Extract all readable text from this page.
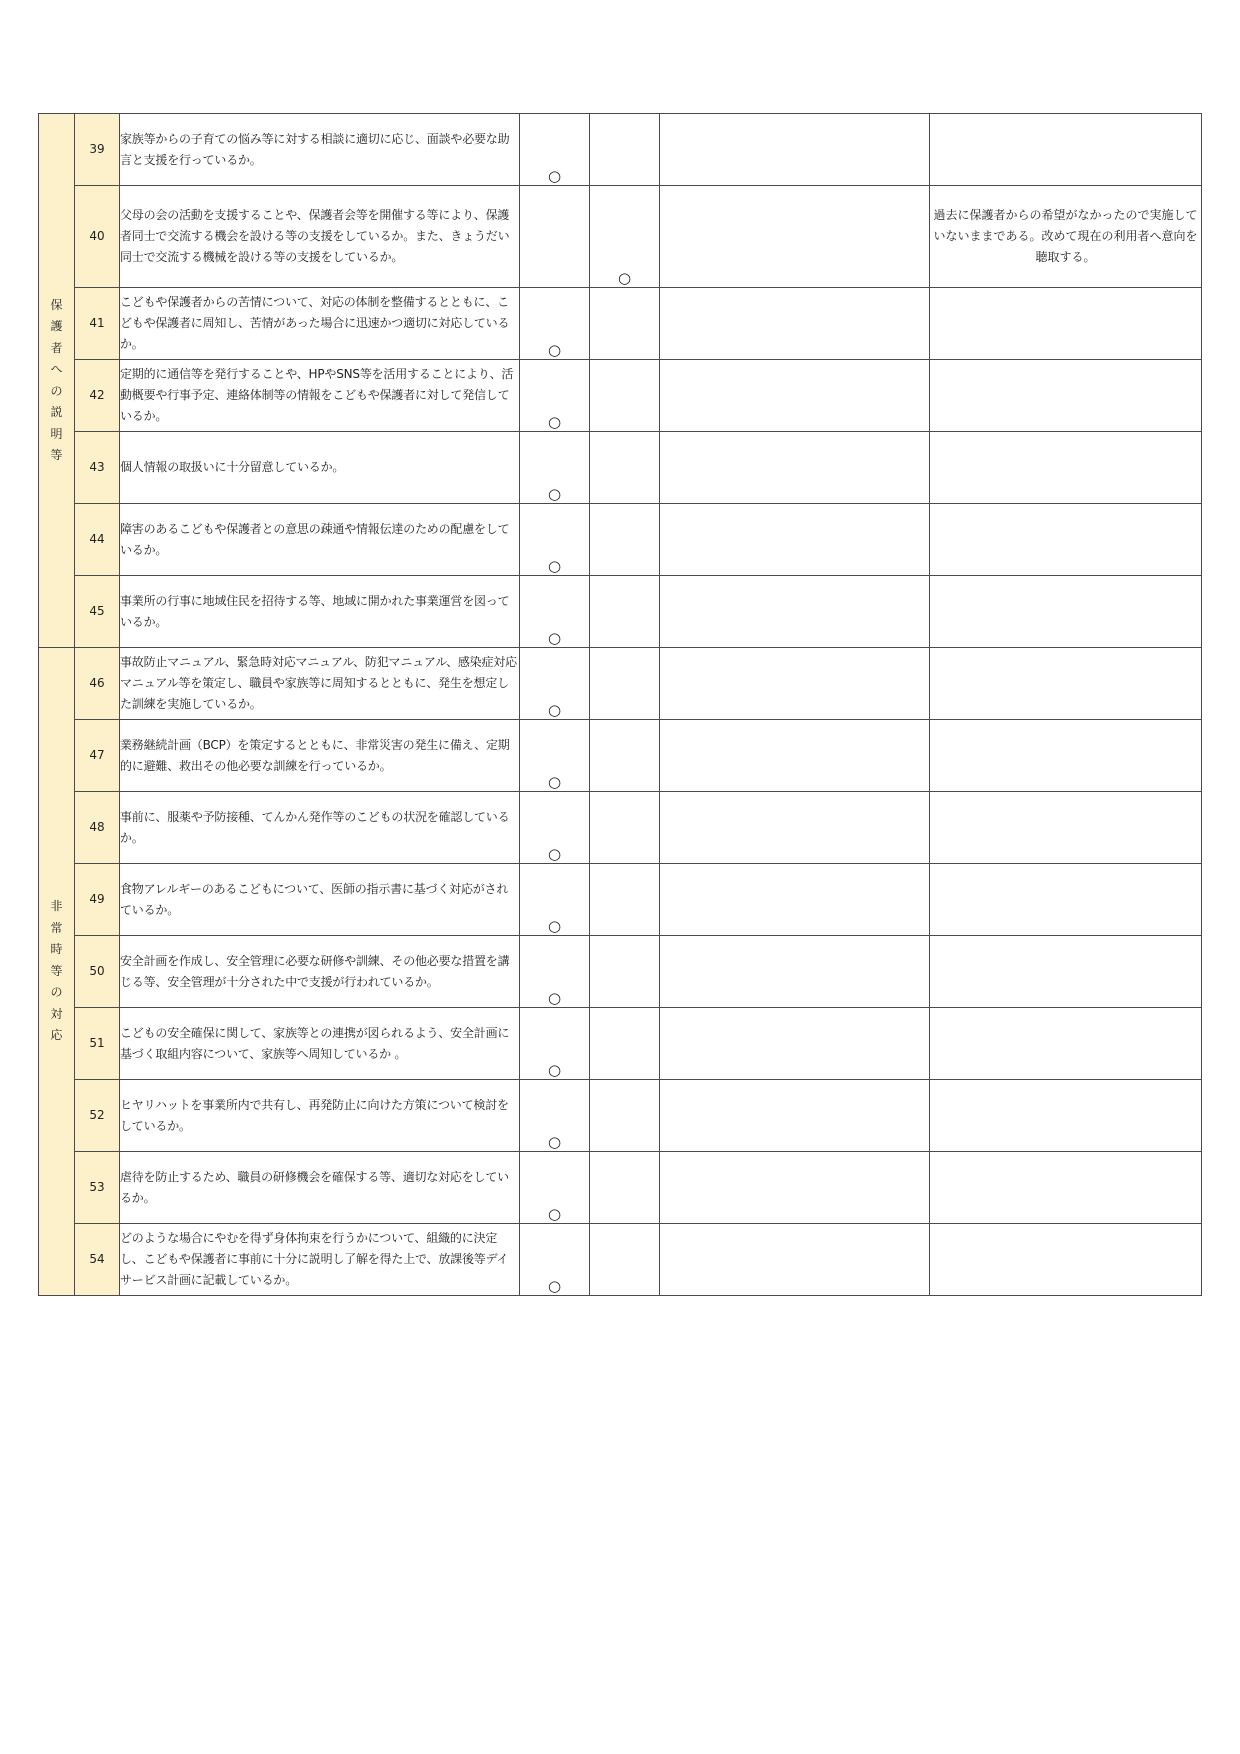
保護者への説明等	39	家族等からの子育ての悩み等に対する相談に適切に応じ、面談や必要な助言と支援を行っているか。	○			

	40	父母の会の活動を支援することや、保護者会等を開催する等により、保護者同士で交流する機会を設ける等の支援をしているか。また、きょうだい同士で交流する機械を設ける等の支援をしているか。		○		過去に保護者からの希望がなかったので実施していないままである。改めて現在の利用者へ意向を聴取する。
	41	こどもや保護者からの苦情について、対応の体制を整備するとともに、こどもや保護者に周知し、苦情があった場合に迅速かつ適切に対応しているか。	○			

	42	定期的に通信等を発行することや、HPやSNS等を活用することにより、活動概要や行事予定、連絡体制等の情報をこどもや保護者に対して発信しているか。	○			

	43	個人情報の取扱いに十分留意しているか。	○			

	44	障害のあるこどもや保護者との意思の疎通や情報伝達のための配慮をしているか。	○			

	45	事業所の行事に地域住民を招待する等、地域に開かれた事業運営を図っているか。	○			

非常時等の対応	46	事故防止マニュアル、緊急時対応マニュアル、防犯マニュアル、感染症対応マニュアル等を策定し、職員や家族等に周知するとともに、発生を想定した訓練を実施しているか。	○			

	47	業務継続計画（BCP）を策定するとともに、非常災害の発生に備え、定期的に避難、救出その他必要な訓練を行っているか。	○			

	48	事前に、服薬や予防接種、てんかん発作等のこどもの状況を確認しているか。	○			

	49	食物アレルギーのあるこどもについて、医師の指示書に基づく対応がされているか。	○			

	50	安全計画を作成し、安全管理に必要な研修や訓練、その他必要な措置を講じる等、安全管理が十分された中で支援が行われているか。	○			

	51	こどもの安全確保に関して、家族等との連携が図られるよう、安全計画に基づく取組内容について、家族等へ周知しているか 。	○			

	52	ヒヤリハットを事業所内で共有し、再発防止に向けた方策について検討をしているか。	○			

	53	虐待を防止するため、職員の研修機会を確保する等、適切な対応をしているか。	○			

	54	どのような場合にやむを得ず身体拘束を行うかについて、組織的に決定し、こどもや保護者に事前に十分に説明し了解を得た上で、放課後等デイサービス計画に記載しているか。	○			
